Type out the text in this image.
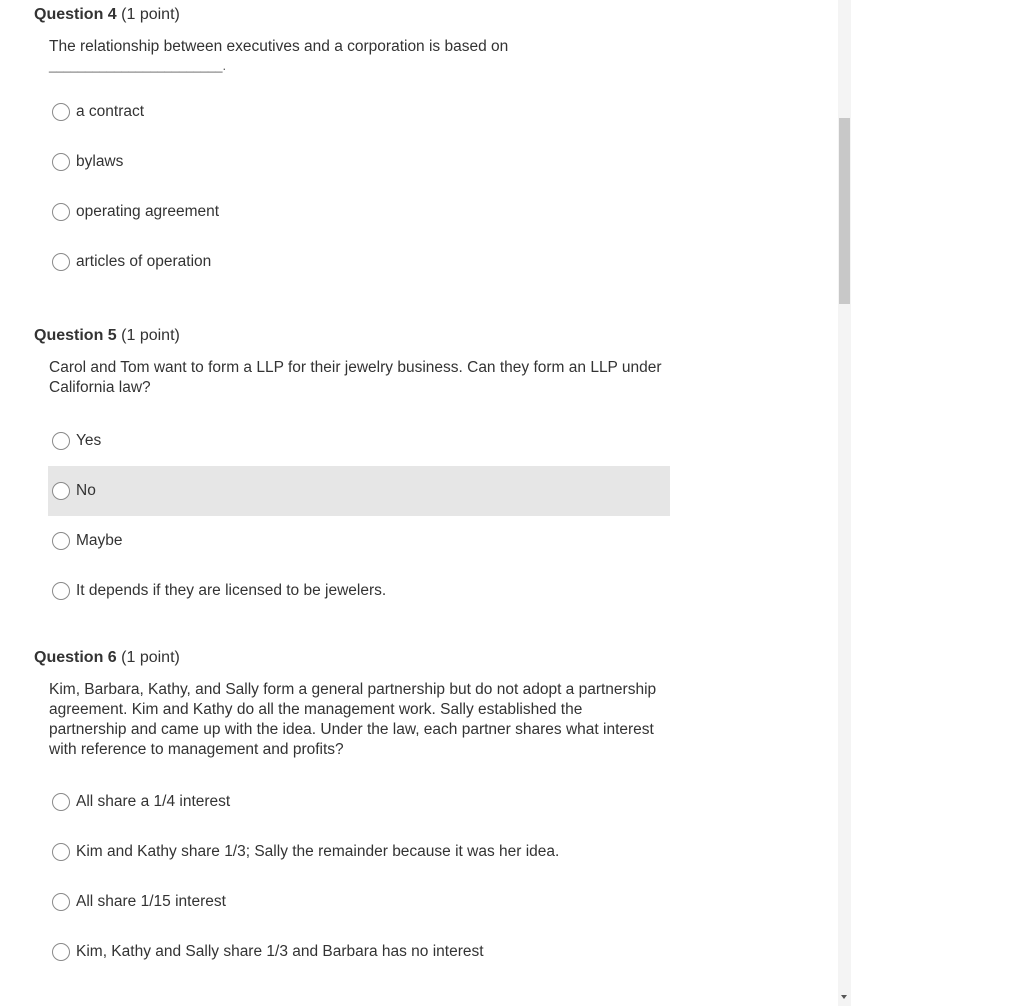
Question 4 (1 point)
The relationship between executives and a corporation is based on
________________________.
a contract
bylaws
operating agreement
articles of operation
Question 5 (1 point)
Carol and Tom want to form a LLP for their jewelry business. Can they form an LLP under California law?
Yes
No
Maybe
It depends if they are licensed to be jewelers.
Question 6 (1 point)
Kim, Barbara, Kathy, and Sally form a general partnership but do not adopt a partnership agreement. Kim and Kathy do all the management work. Sally established the partnership and came up with the idea. Under the law, each partner shares what interest with reference to management and profits?
All share a 1/4 interest
Kim and Kathy share 1/3; Sally the remainder because it was her idea.
All share 1/15 interest
Kim, Kathy and Sally share 1/3 and Barbara has no interest
